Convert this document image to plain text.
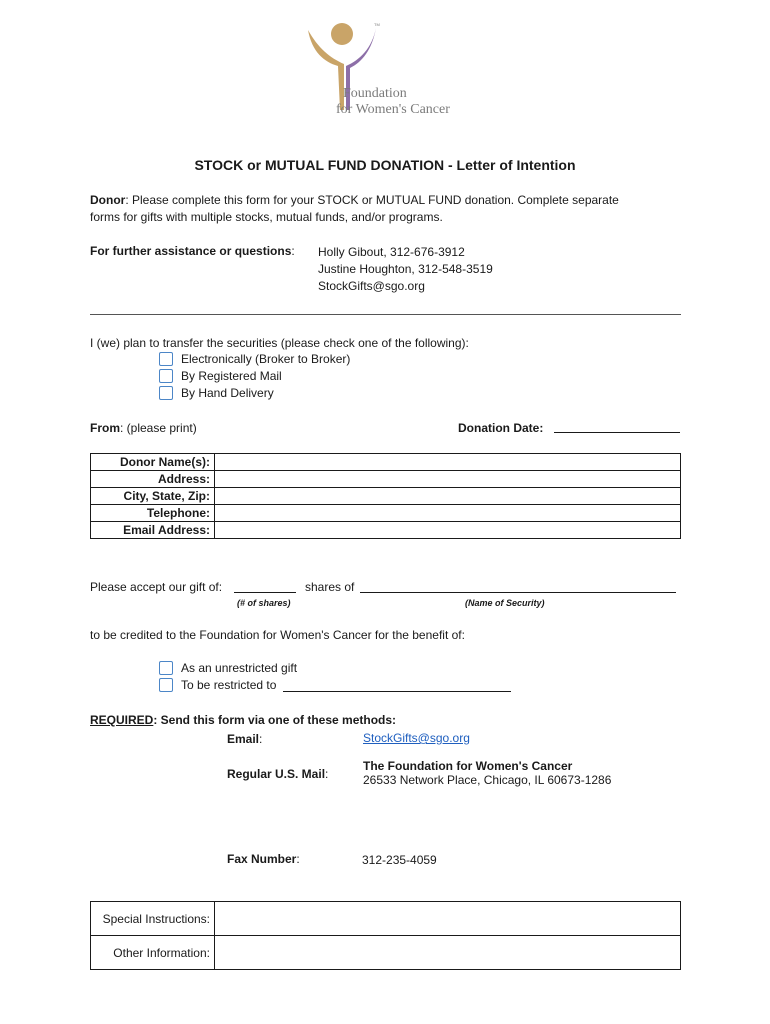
TM
Foundation
for Women's Cancer
STOCK or MUTUAL FUND DONATION - Letter of Intention
Donor: Please complete this form for your STOCK or MUTUAL FUND donation. Complete separate
forms for gifts with multiple stocks, mutual funds, and/or programs.
For further assistance or questions: Holly Gibout, 312-676-3912
Justine Houghton, 312-548-3519
StockGifts@sgo.org
I (we) plan to transfer the securities (please check one of the following):
Electronically (Broker to Broker)
By Registered Mail
By Hand Delivery
From: (please print)	Donation Date:
Donor Name(s):	
Address:	
City, State, Zip:	
Telephone:	
Email Address:	
Please accept our gift of:	shares of
(# of shares)	(Name of Security)
to be credited to the Foundation for Women's Cancer for the benefit of:
As an unrestricted gift
To be restricted to
REQUIRED: Send this form via one of these methods:
Email:	StockGifts@sgo.org
Regular U.S. Mail:
The Foundation for Women's Cancer
26533 Network Place, Chicago, IL 60673-1286
Fax Number:	312-235-4059
Special Instructions:	
Other Information:	
